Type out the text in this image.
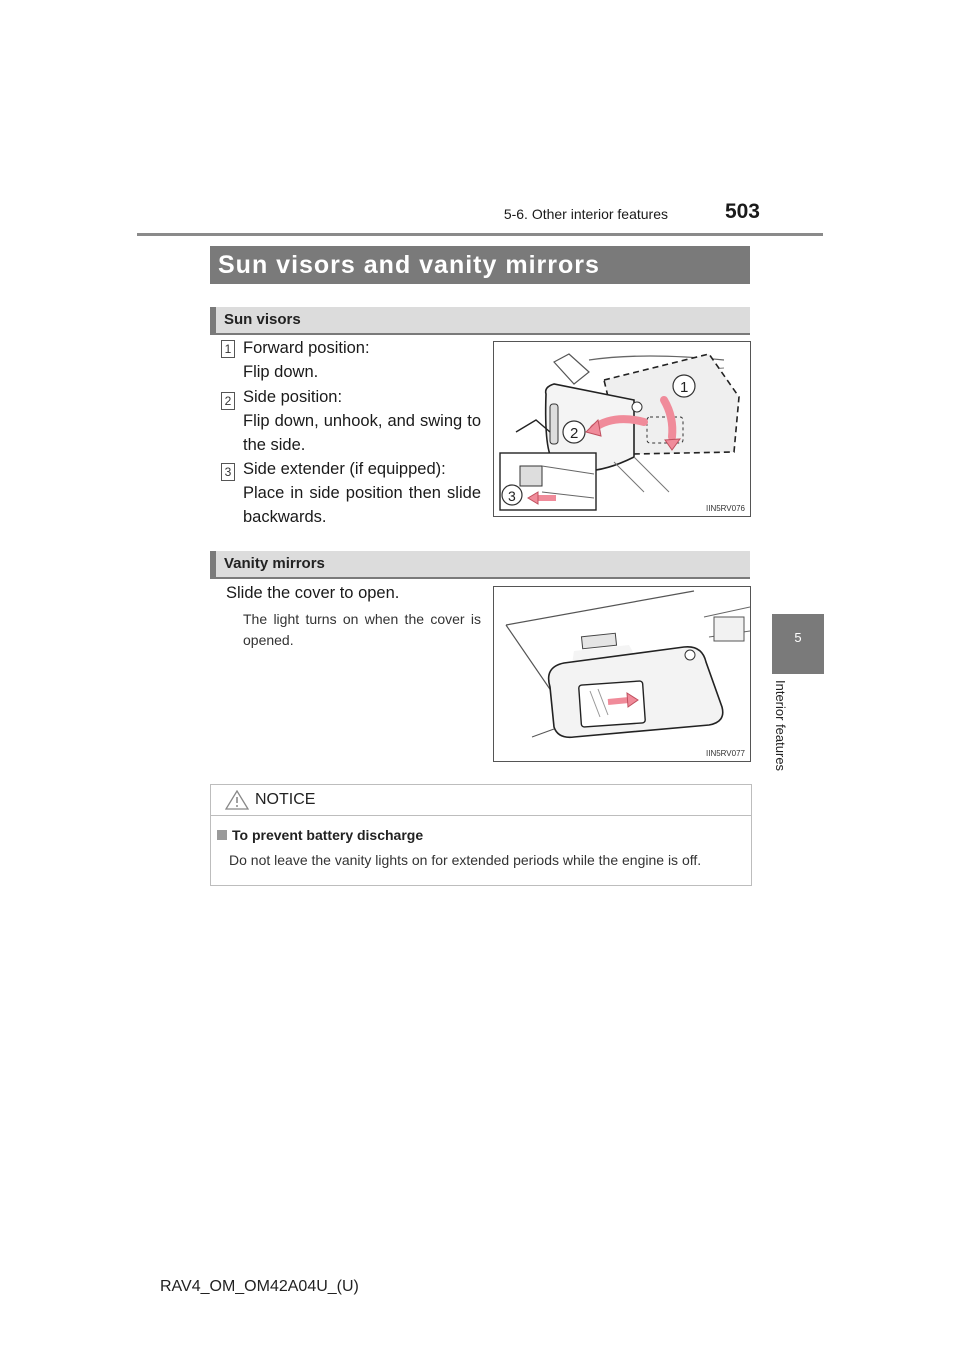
5-6. Other interior features	503
5
Interior features
Sun visors and vanity mirrors
Sun visors
1 Forward position:
Flip down.
2 Side position:
Flip down, unhook, and swing to the side.
3 Side extender (if equipped):
Place in side position then slide backwards.
1
2
3
IIN5RV076
Vanity mirrors
Slide the cover to open.
The light turns on when the cover is opened.
IIN5RV077
NOTICE
To prevent battery discharge
Do not leave the vanity lights on for extended periods while the engine is off.
RAV4_OM_OM42A04U_(U)
